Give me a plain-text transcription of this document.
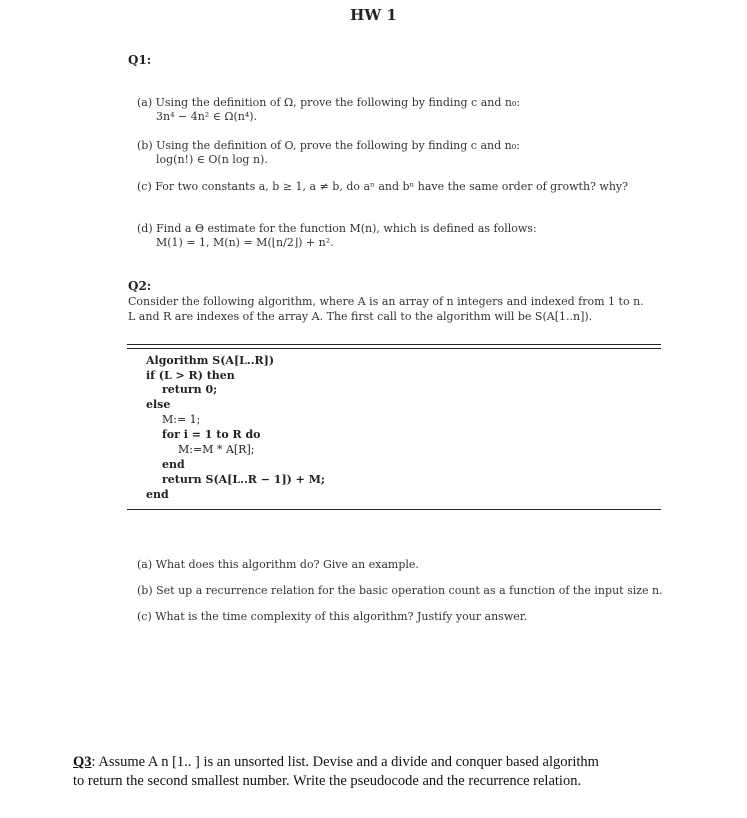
HW 1
Q1:
(a) Using the definition of Ω, prove the following by finding c and n₀:
3n⁴ − 4n² ∈ Ω(n⁴).
(b) Using the definition of O, prove the following by finding c and n₀:
log(n!) ∈ O(n log n).
(c) For two constants a, b ≥ 1, a ≠ b, do aⁿ and bⁿ have the same order of growth? why?
(d) Find a Θ estimate for the function M(n), which is defined as follows:
M(1) = 1, M(n) = M(⌊n/2⌋) + n².
Q2:
Consider the following algorithm, where A is an array of n integers and indexed from 1 to n.
L and R are indexes of the array A. The first call to the algorithm will be S(A[1..n]).
Algorithm S(A[L..R])
if (L > R) then
return 0;
else
M:= 1;
for i = 1 to R do
M:=M * A[R];
end
return S(A[L..R − 1]) + M;
end
(a) What does this algorithm do? Give an example.
(b) Set up a recurrence relation for the basic operation count as a function of the input size n.
(c) What is the time complexity of this algorithm? Justify your answer.
Q3: Assume A n [1.. ] is an unsorted list. Devise and a divide and conquer based algorithm
to return the second smallest number. Write the pseudocode and the recurrence relation.
